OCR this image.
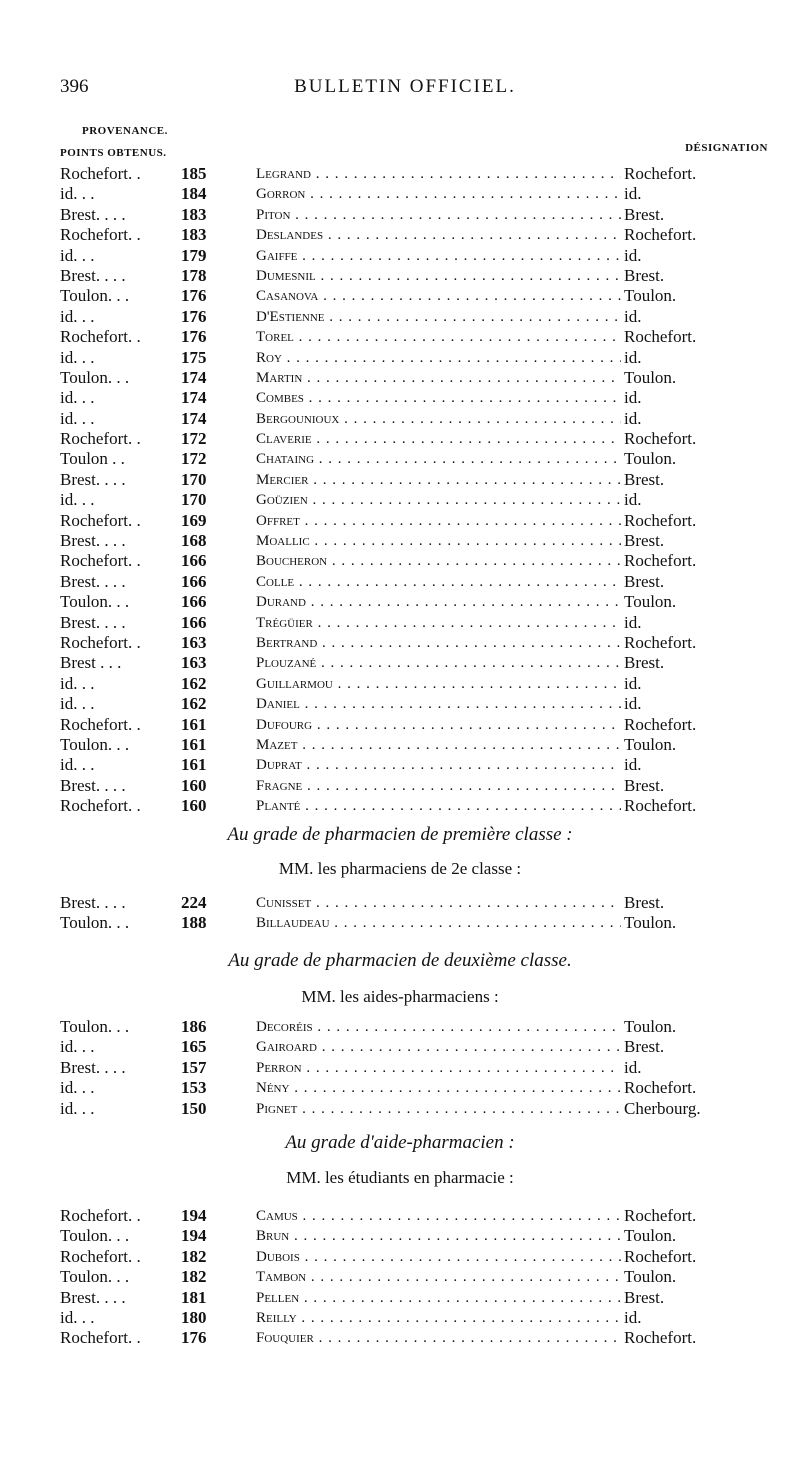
396	BULLETIN OFFICIEL.
PROVENANCE.
POINTS OBTENUS.	DÉSIGNATION
Rochefort. .	185	Legrand . . .	Rochefort.
id. . .	184	Gorron . . .	id.
Brest. . . .	183	Piton . . .	Brest.
Rochefort. .	183	Deslandes . . .	Rochefort.
id. . .	179	Gaiffe . . .	id.
Brest. . . .	178	Dumesnil . . .	Brest.
Toulon. . .	176	Casanova . . .	Toulon.
id. . .	176	D'Estienne . . .	id.
Rochefort. .	176	Torel . . .	Rochefort.
id. . .	175	Roy . . .	id.
Toulon. . .	174	Martin . . .	Toulon.
id. . .	174	Combes . . .	id.
id. . .	174	Bergounioux . . .	id.
Rochefort. .	172	Claverie . . .	Rochefort.
Toulon . .	172	Chataing . . .	Toulon.
Brest. . . .	170	Mercier . . .	Brest.
id. . .	170	Goüzien . . .	id.
Rochefort. .	169	Offret . . .	Rochefort.
Brest. . . .	168	Moallic . . .	Brest.
Rochefort. .	166	Boucheron . . .	Rochefort.
Brest. . . .	166	Colle . . .	Brest.
Toulon. . .	166	Durand . . .	Toulon.
Brest. . . .	166	Trégüier . . .	id.
Rochefort. .	163	Bertrand . . .	Rochefort.
Brest . . .	163	Plouzané . . .	Brest.
id. . .	162	Guillarmou . . .	id.
id. . .	162	Daniel . . .	id.
Rochefort. .	161	Dufourg . . .	Rochefort.
Toulon. . .	161	Mazet . . .	Toulon.
id. . .	161	Duprat . . .	id.
Brest. . . .	160	Fragne . . .	Brest.
Rochefort. .	160	Planté . . .	Rochefort.
Au grade de pharmacien de première classe :
MM. les pharmaciens de 2e classe :
Brest. . . .	224	Cunisset . . .	Brest.
Toulon. . .	188	Billaudeau . . .	Toulon.
Au grade de pharmacien de deuxième classe.
MM. les aides-pharmaciens :
Toulon. . .	186	Decoréis . . .	Toulon.
id. . .	165	Gairoard . . .	Brest.
Brest. . . .	157	Perron . . .	id.
id. . .	153	Nény . . .	Rochefort.
id. . .	150	Pignet . . .	Cherbourg.
Au grade d'aide-pharmacien :
MM. les étudiants en pharmacie :
Rochefort. .	194	Camus . . .	Rochefort.
Toulon. . .	194	Brun . . .	Toulon.
Rochefort. .	182	Dubois . . .	Rochefort.
Toulon. . .	182	Tambon . . .	Toulon.
Brest. . . .	181	Pellen . . .	Brest.
id. . .	180	Reilly . . .	id.
Rochefort. .	176	Fouquier . . .	Rochefort.
